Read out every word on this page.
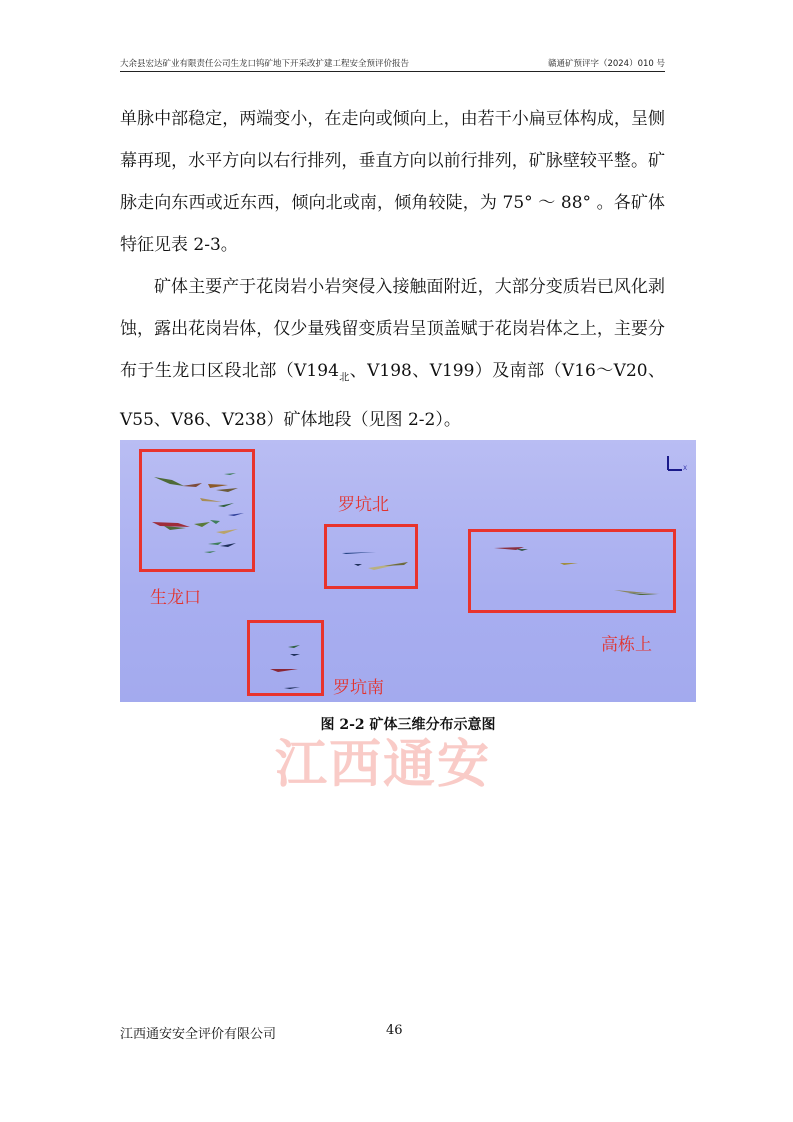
大余县宏达矿业有限责任公司生龙口钨矿地下开采改扩建工程安全预评价报告	赣通矿预评字（2024）010 号

单脉中部稳定，两端变小，在走向或倾向上，由若干小扁豆体构成，呈侧幕再现，水平方向以右行排列，垂直方向以前行排列，矿脉壁较平整。矿脉走向东西或近东西，倾向北或南，倾角较陡，为 75° ～ 88° 。各矿体特征见表 2-3。

矿体主要产于花岗岩小岩突侵入接触面附近，大部分变质岩已风化剥蚀，露出花岗岩体，仅少量残留变质岩呈顶盖赋于花岗岩体之上，主要分布于生龙口区段北部（$V194_北$、V198、V199）及南部（V16～V20、V55、V86、V238）矿体地段（见图 2-2）。

生龙口
罗坑北
高栋上
罗坑南
X
江西通安
图 2-2 矿体三维分布示意图
江西通安安全评价有限公司	46
